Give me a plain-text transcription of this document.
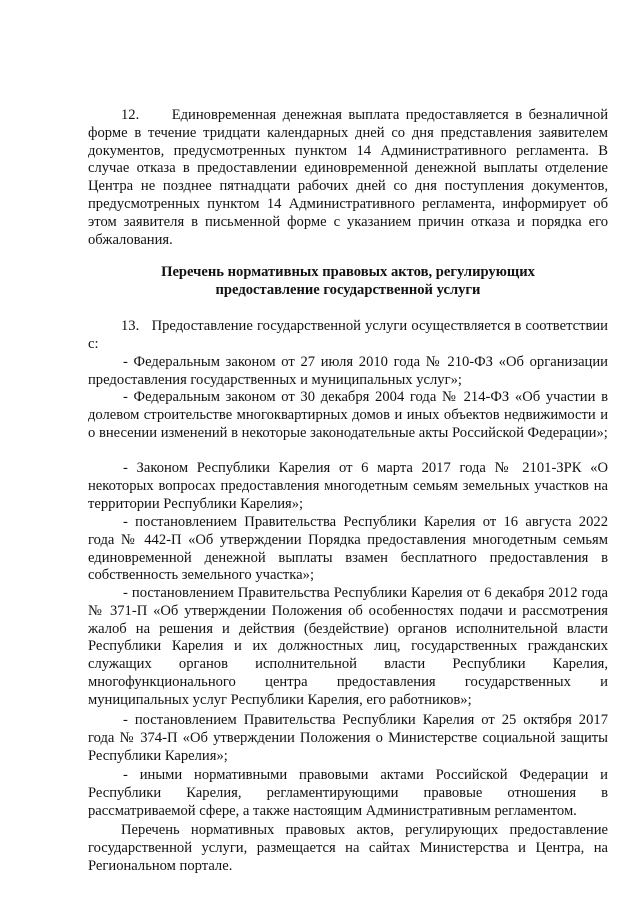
12.     Единовременная денежная выплата предоставляется в безналичной форме в течение тридцати календарных дней со дня представления заявителем документов, предусмотренных пунктом 14 Административного регламента. В случае отказа в предоставлении единовременной денежной выплаты отделение Центра не позднее пятнадцати рабочих дней со дня поступления документов, предусмотренных пунктом 14 Административного регламента, информирует об этом заявителя в письменной форме с указанием причин отказа и порядка его обжалования.

Перечень нормативных правовых актов, регулирующих
предоставление государственной услуги

13.   Предоставление государственной услуги осуществляется в соответствии с:

- Федеральным законом от 27 июля 2010 года № 210-ФЗ «Об организации предоставления государственных и муниципальных услуг»;

- Федеральным законом от 30 декабря 2004 года № 214-ФЗ «Об участии в долевом строительстве многоквартирных домов и иных объектов недвижимости и о внесении изменений в некоторые законодательные акты Российской Федерации»;

- Законом Республики Карелия от 6 марта 2017 года № 2101-ЗРК «О некоторых вопросах предоставления многодетным семьям земельных участков на территории Республики Карелия»;

- постановлением Правительства Республики Карелия от 16 августа 2022 года № 442-П «Об утверждении Порядка предоставления многодетным семьям единовременной денежной выплаты взамен бесплатного предоставления в собственность земельного участка»;

- постановлением Правительства Республики Карелия от 6 декабря 2012 года № 371-П «Об утверждении Положения об особенностях подачи и рассмотрения жалоб на решения и действия (бездействие) органов исполнительной власти Республики Карелия и их должностных лиц, государственных гражданских служащих органов исполнительной власти Республики Карелия, многофункционального центра предоставления государственных и муниципальных услуг Республики Карелия, его работников»;

- постановлением Правительства Республики Карелия от 25 октября 2017 года № 374-П «Об утверждении Положения о Министерстве социальной защиты Республики Карелия»;

- иными нормативными правовыми актами Российской Федерации и Республики Карелия, регламентирующими правовые отношения в рассматриваемой сфере, а также настоящим Административным регламентом.

Перечень нормативных правовых актов, регулирующих предоставление государственной услуги, размещается на сайтах Министерства и Центра, на Региональном портале.
